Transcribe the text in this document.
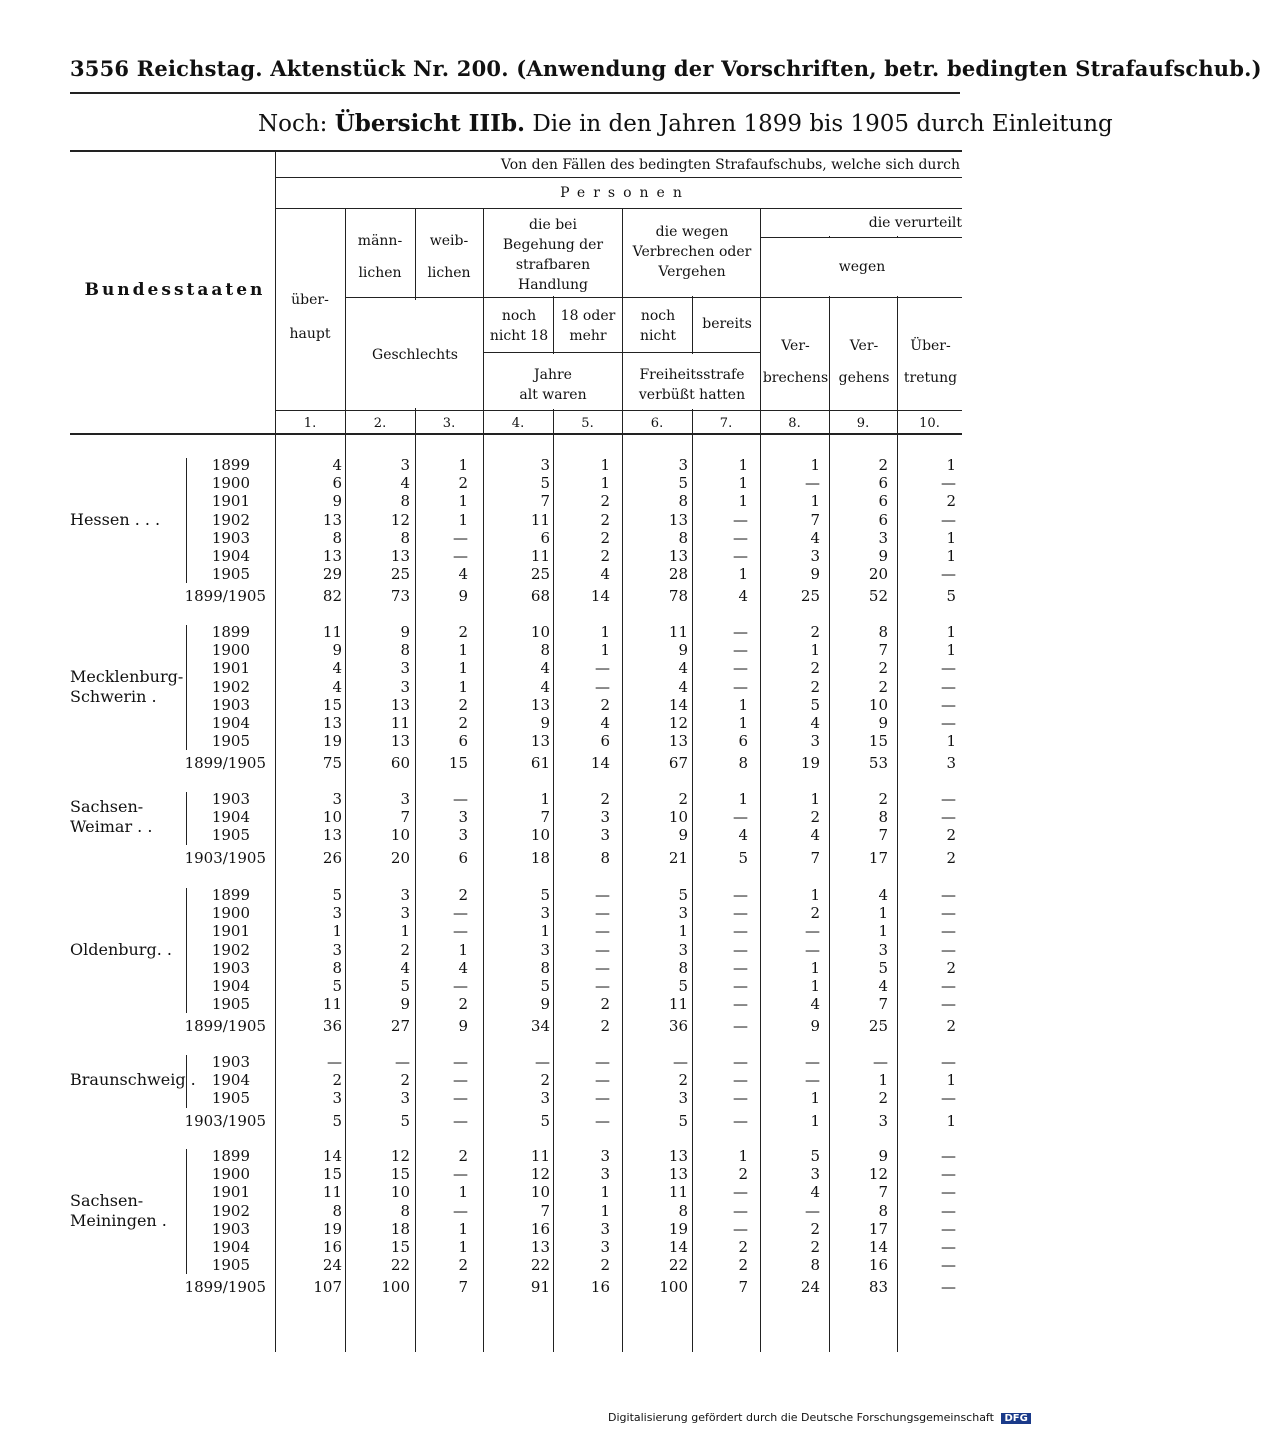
3556 Reichstag. Aktenstück Nr. 200. (Anwendung der Vorschriften, betr. bedingten Strafaufschub.)
Noch: Übersicht IIIb. Die in den Jahren 1899 bis 1905 durch Einleitung
Bundesstaaten
Von den Fällen des bedingten Strafaufschubs, welche sich durch
Personen
über-
haupt
männ-
lichen
weib-
lichen
Geschlechts
die bei
Begehung der
strafbaren
Handlung
noch
nicht 18
18 oder
mehr
Jahre
alt waren
die wegen
Verbrechen oder
Vergehen
noch
nicht
bereits
Freiheitsstrafe
verbüßt hatten
die verurteilt
wegen
Ver-
brechens
Ver-
gehens
Über-
tretung
1.	2.	3.	4.	5.	6.	7.	8.	9.	10.
1899	4	3	1	3	1	3	1	1	2	1
1900	6	4	2	5	1	5	1	—	6	—
1901	9	8	1	7	2	8	1	1	6	2
1902	13	12	1	11	2	13	—	7	6	—
1903	8	8	—	6	2	8	—	4	3	1
1904	13	13	—	11	2	13	—	3	9	1
1905	29	25	4	25	4	28	1	9	20	—
Hessen . . .
1899/1905	82	73	9	68	14	78	4	25	52	5
1899	11	9	2	10	1	11	—	2	8	1
1900	9	8	1	8	1	9	—	1	7	1
1901	4	3	1	4	—	4	—	2	2	—
1902	4	3	1	4	—	4	—	2	2	—
1903	15	13	2	13	2	14	1	5	10	—
1904	13	11	2	9	4	12	1	4	9	—
1905	19	13	6	13	6	13	6	3	15	1
Mecklenburg-
Schwerin .
1899/1905	75	60	15	61	14	67	8	19	53	3
1903	3	3	—	1	2	2	1	1	2	—
1904	10	7	3	7	3	10	—	2	8	—
1905	13	10	3	10	3	9	4	4	7	2
Sachsen-
Weimar . .
1903/1905	26	20	6	18	8	21	5	7	17	2
1899	5	3	2	5	—	5	—	1	4	—
1900	3	3	—	3	—	3	—	2	1	—
1901	1	1	—	1	—	1	—	—	1	—
1902	3	2	1	3	—	3	—	—	3	—
1903	8	4	4	8	—	8	—	1	5	2
1904	5	5	—	5	—	5	—	1	4	—
1905	11	9	2	9	2	11	—	4	7	—
Oldenburg. .
1899/1905	36	27	9	34	2	36	—	9	25	2
1903	—	—	—	—	—	—	—	—	—	—
1904	2	2	—	2	—	2	—	—	1	1
1905	3	3	—	3	—	3	—	1	2	—
Braunschweig .
1903/1905	5	5	—	5	—	5	—	1	3	1
1899	14	12	2	11	3	13	1	5	9	—
1900	15	15	—	12	3	13	2	3	12	—
1901	11	10	1	10	1	11	—	4	7	—
1902	8	8	—	7	1	8	—	—	8	—
1903	19	18	1	16	3	19	—	2	17	—
1904	16	15	1	13	3	14	2	2	14	—
1905	24	22	2	22	2	22	2	8	16	—
Sachsen-
Meiningen .
1899/1905	107	100	7	91	16	100	7	24	83	—
Digitalisierung gefördert durch die Deutsche Forschungsgemeinschaft DFG
